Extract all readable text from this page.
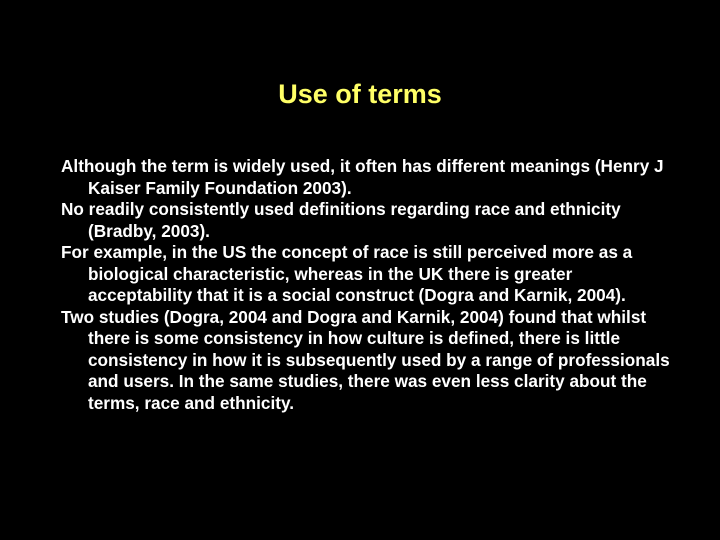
Use of terms

Although the term is widely used, it often has different meanings (Henry J Kaiser Family Foundation 2003).

No readily consistently used definitions regarding race and ethnicity (Bradby, 2003).

For example, in the US the concept of race is still perceived more as a biological characteristic, whereas in the UK there is greater acceptability that it is a social construct (Dogra and Karnik, 2004).

Two studies (Dogra, 2004 and Dogra and Karnik, 2004) found that whilst there is some consistency in how culture is defined, there is little consistency in how it is subsequently used by a range of professionals and users. In the same studies, there was even less clarity about the terms, race and ethnicity.
